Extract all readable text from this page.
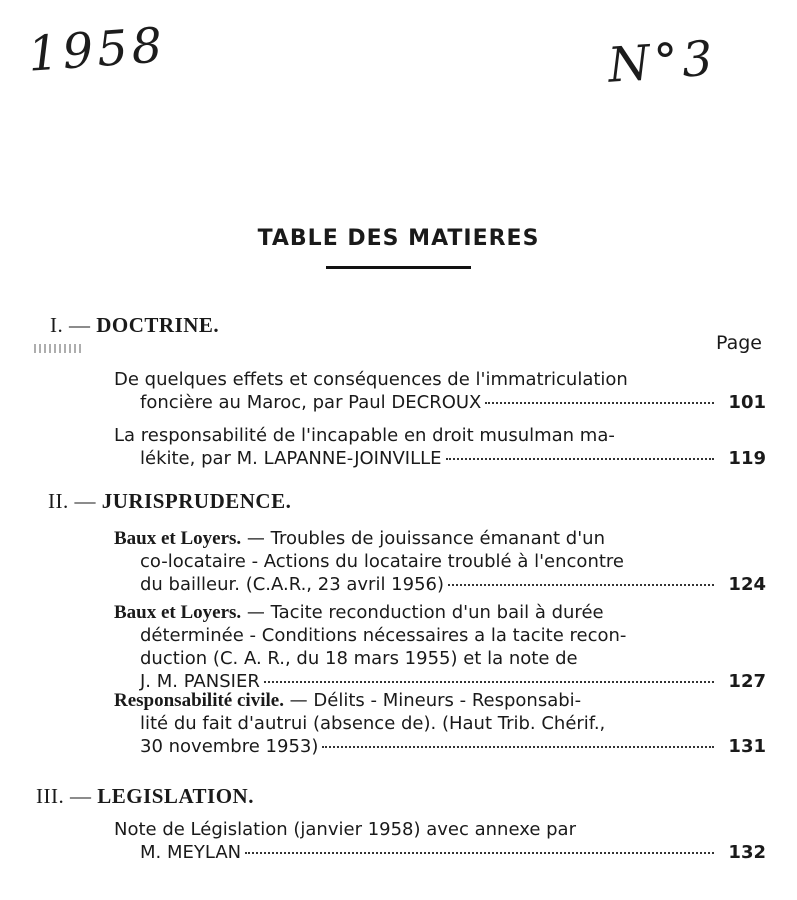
1958	N°3
TABLE DES MATIERES
I. — DOCTRINE.
Page
De quelques effets et conséquences de l'immatriculation
foncière au Maroc, par Paul DECROUX	101
La responsabilité de l'incapable en droit musulman ma-
lékite, par M. LAPANNE-JOINVILLE	119
II. — JURISPRUDENCE.
Baux et Loyers. — Troubles de jouissance émanant d'un
co-locataire - Actions du locataire troublé à l'encontre
du bailleur. (C.A.R., 23 avril 1956)	124
Baux et Loyers. — Tacite reconduction d'un bail à durée
déterminée - Conditions nécessaires a la tacite recon-
duction (C. A. R., du 18 mars 1955) et la note de
J. M. PANSIER	127
Responsabilité civile. — Délits - Mineurs - Responsabi-
lité du fait d'autrui (absence de). (Haut Trib. Chérif.,
30 novembre 1953)	131
III. — LEGISLATION.
Note de Législation (janvier 1958) avec annexe par
M. MEYLAN	132
